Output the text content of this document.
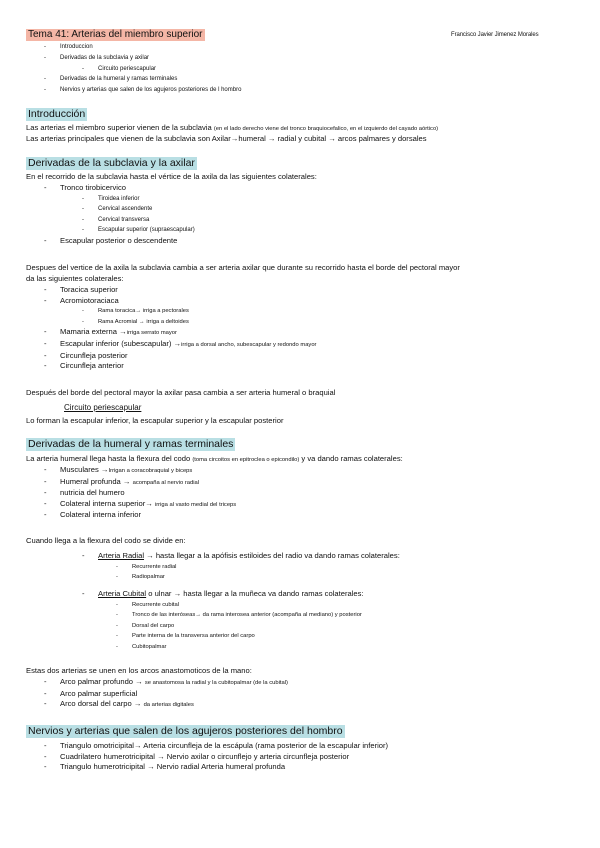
Tema 41: Arterias del miembro superior	Francisco Javier Jimenez Morales
- Introduccion
- Derivadas de la subclavia y axilar
- Circuito periescapular
- Derivadas de la humeral y ramas terminales
- Nervios y arterias que salen de los agujeros posteriores de l hombro
Introducción
Las arterias el miembro superior vienen de la subclavia (en el lado derecho viene del tronco braquiocefalico, en el izquierdo del cayado aórtico)
Las arterias principales que vienen de la subclavia son Axilar→humeral → radial y cubital → arcos palmares y dorsales
Derivadas de la subclavia y la axilar
En el recorrido de la subclavia hasta el vértice de la axila da las siguientes colaterales:
- Tronco tirobicervico
- Tiroidea inferior
- Cervical ascendente
- Cervical transversa
- Escapular superior (supraescapular)
- Escapular posterior o descendente
Despues del vertice de la axila la subclavia cambia a ser arteria axilar que durante su recorrido hasta el borde del pectoral mayor
da las siguientes colaterales:
- Toracica superior
- Acromiotoraciaca
- Rama toracica→ irriga a pectorales
- Rama Acromial → irriga a deltoides
- Mamaria externa →irriga serrato mayor
- Escapular inferior (subescapular) →irriga a dorsal ancho, subescapular y redondo mayor
- Circunfleja posterior
- Circunfleja anterior
Después del borde del pectoral mayor la axilar pasa cambia a ser arteria humeral o braquial
Circuito periescapular
Lo forman la escapular inferior, la escapular superior y la escapular posterior
Derivadas de la humeral y ramas terminales
La arteria humeral llega hasta la flexura del codo (toma circoitos en epitroclea o epicondilo) y va dando ramas colaterales:
- Musculares →Irrigan a coracobraquial y biceps
- Humeral profunda → acompaña al nervio radial
- nutricia del humero
- Colateral interna superior→ irriga al vasto medial del triceps
- Colateral interna inferior
Cuando llega a la flexura del codo se divide en:
- Arteria Radial → hasta llegar a la apófisis estiloides del radio va dando ramas colaterales:
- Recurrente radial
- Radiopalmar
- Arteria Cubital o ulnar → hasta llegar a la muñeca va dando ramas colaterales:
- Recurrente cubital
- Tronco de las interóseas→ da rama interosea anterior (acompaña al mediano) y posterior
- Dorsal del carpo
- Parte interna de la transversa anterior del carpo
- Cubitopalmar
Estas dos arterias se unen en los arcos anastomoticos de la mano:
- Arco palmar profundo → se anastomosa la radial y la cubitopalmar (de la cubital)
- Arco palmar superficial
- Arco dorsal del carpo → da arterias digitales
Nervios y arterias que salen de los agujeros posteriores del hombro
- Triangulo omotricipital→ Arteria circunfleja de la escápula (rama posterior de la escapular inferior)
- Cuadrilatero humerotricipital → Nervio axilar o circunflejo y arteria circunfleja posterior
- Triangulo humerotricipital → Nervio radial Arteria humeral profunda
